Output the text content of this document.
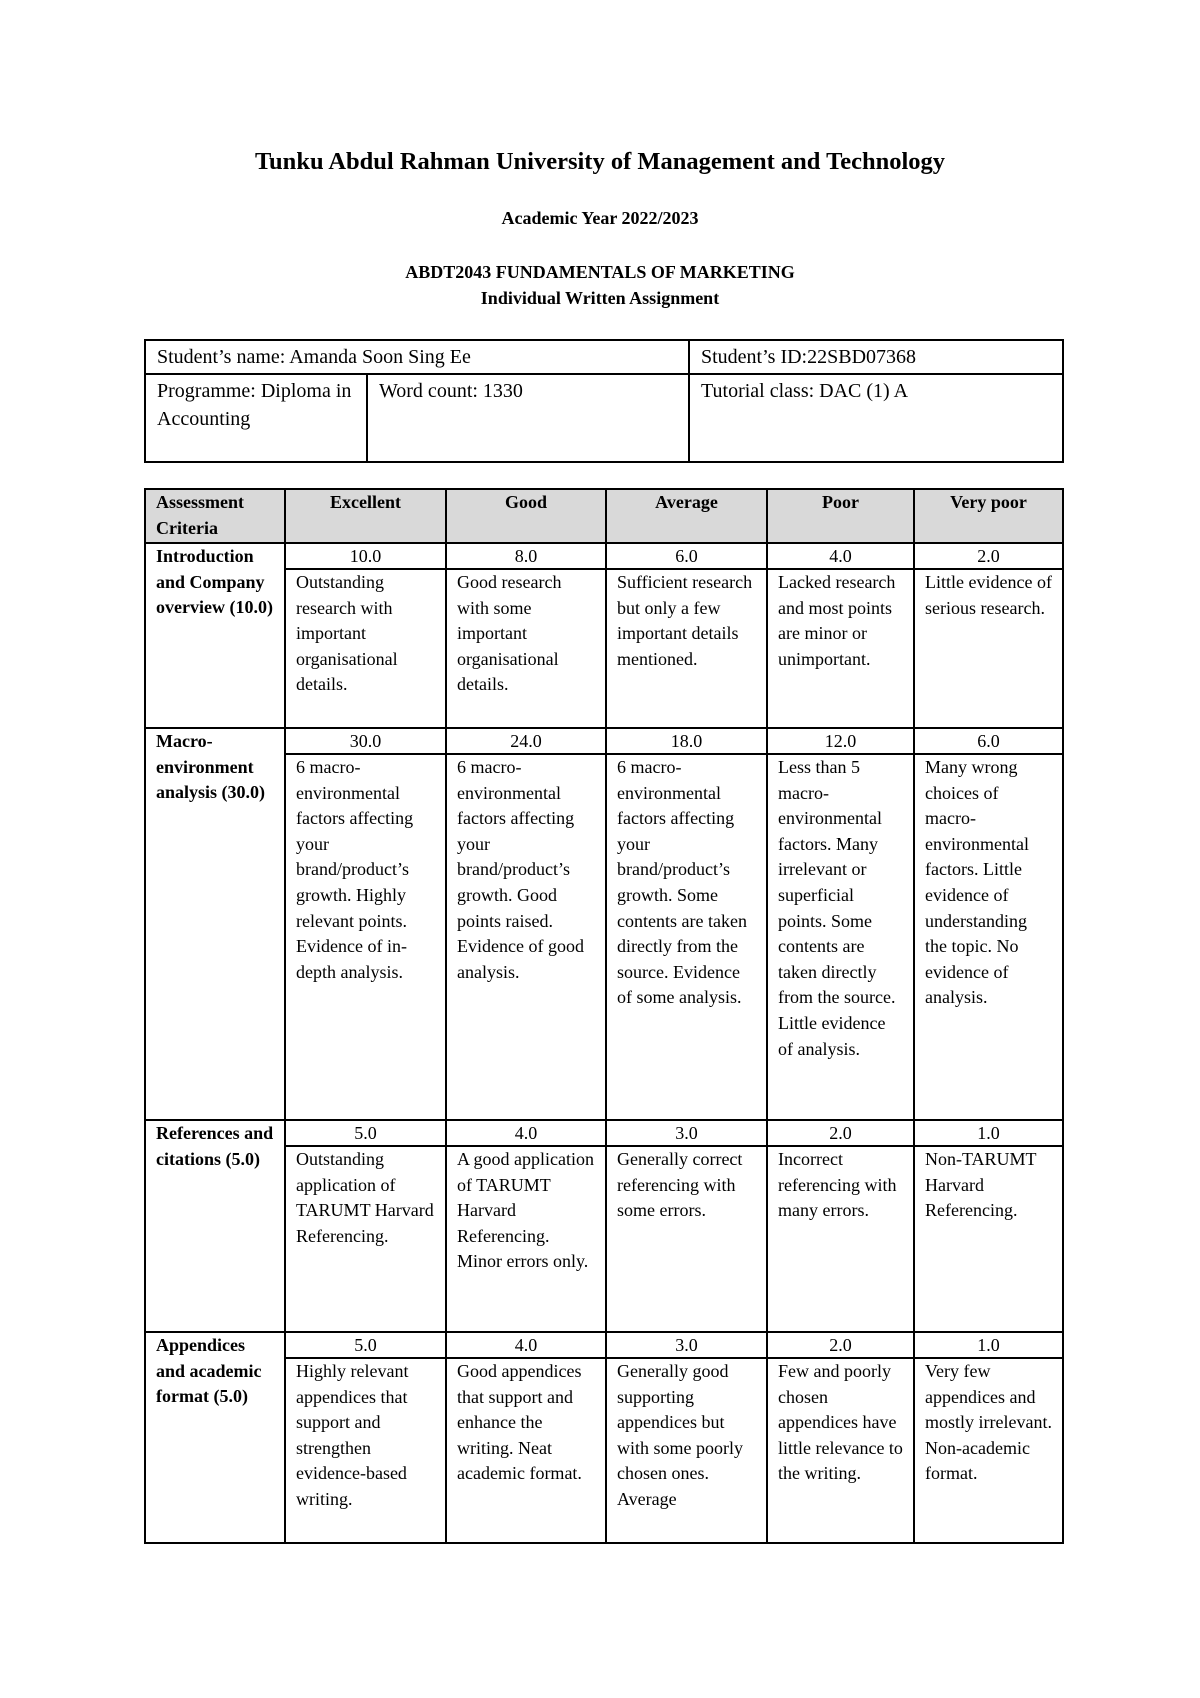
Tunku Abdul Rahman University of Management and Technology
Academic Year 2022/2023
ABDT2043 FUNDAMENTALS OF MARKETING
Individual Written Assignment
Student’s name: Amanda Soon Sing Ee		Student’s ID:22SBD07368
Programme: Diploma in Accounting	Word count: 1330	Tutorial class: DAC (1) A
Assessment Criteria	Excellent	Good	Average	Poor	Very poor
Introduction and Company overview (10.0)	10.0	8.0	6.0	4.0	2.0
	Outstanding research with important organisational details.	Good research with some important organisational details.	Sufficient research but only a few important details mentioned.	Lacked research and most points are minor or unimportant.	Little evidence of serious research.
Macro-environment analysis (30.0)	30.0	24.0	18.0	12.0	6.0
	6 macro-environmental factors affecting your brand/product’s growth. Highly relevant points. Evidence of in-depth analysis.	6 macro-environmental factors affecting your brand/product’s growth. Good points raised. Evidence of good analysis.	6 macro-environmental factors affecting your brand/product’s growth. Some contents are taken directly from the source. Evidence of some analysis.	Less than 5 macro-environmental factors. Many irrelevant or superficial points. Some contents are taken directly from the source. Little evidence of analysis.	Many wrong choices of macro-environmental factors. Little evidence of understanding the topic. No evidence of analysis.
References and citations (5.0)	5.0	4.0	3.0	2.0	1.0
	Outstanding application of TARUMT Harvard Referencing.	A good application of TARUMT Harvard Referencing. Minor errors only.	Generally correct referencing with some errors.	Incorrect referencing with many errors.	Non-TARUMT Harvard Referencing.
Appendices and academic format (5.0)	5.0	4.0	3.0	2.0	1.0
	Highly relevant appendices that support and strengthen evidence-based writing.	Good appendices that support and enhance the writing. Neat academic format.	Generally good supporting appendices but with some poorly chosen ones. Average	Few and poorly chosen appendices have little relevance to the writing.	Very few appendices and mostly irrelevant. Non-academic format.
